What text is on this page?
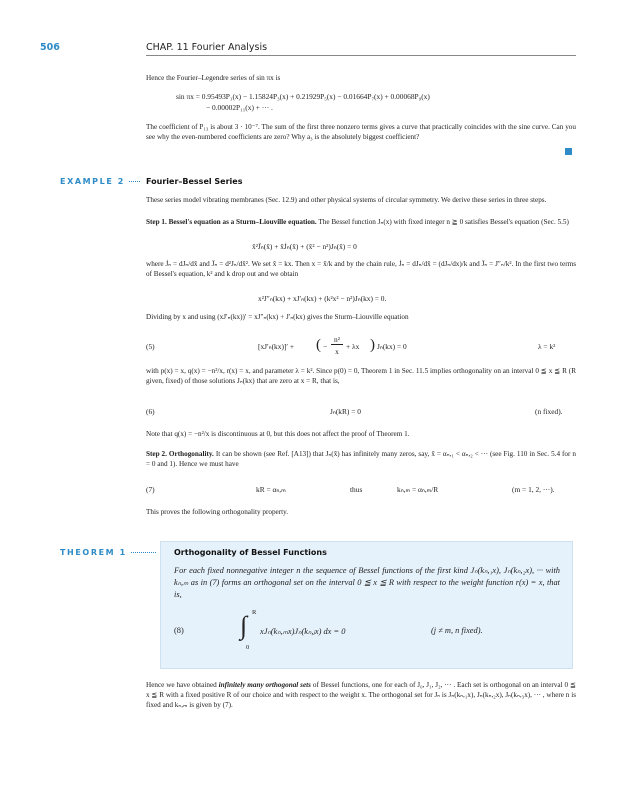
506	CHAP. 11 Fourier Analysis

Hence the Fourier–Legendre series of sin πx is

sin πx = 0.95493P₁(x) − 1.15824P₃(x) + 0.21929P₅(x) − 0.01664P₇(x) + 0.00068P₉(x)
− 0.00002P₁₁(x) + ··· .

The coefficient of P₁₃ is about 3 · 10⁻⁷. The sum of the first three nonzero terms gives a curve that practically coincides with the sine curve. Can you see why the even-numbered coefficients are zero? Why a₃ is the absolutely biggest coefficient?

EXAMPLE 2	Fourier–Bessel Series

These series model vibrating membranes (Sec. 12.9) and other physical systems of circular symmetry. We derive these series in three steps.

Step 1. Bessel's equation as a Sturm–Liouville equation. The Bessel function Jₙ(x) with fixed integer n ≧ 0 satisfies Bessel's equation (Sec. 5.5)

x̃²J̈ₙ(x̃) + x̃J̇ₙ(x̃) + (x̃² − n²)Jₙ(x̃) = 0

where J̇ₙ = dJₙ/dx̃ and J̈ₙ = d²Jₙ/dx̃². We set x̃ = kx. Then x = x̃/k and by the chain rule, J̇ₙ = dJₙ/dx̃ = (dJₙ/dx)/k and J̈ₙ = J″ₙ/k². In the first two terms of Bessel's equation, k² and k drop out and we obtain

x²J″ₙ(kx) + xJ′ₙ(kx) + (k²x² − n²)Jₙ(kx) = 0.

Dividing by x and using (xJ′ₙ(kx))′ = xJ″ₙ(kx) + J′ₙ(kx) gives the Sturm–Liouville equation

(5)	[xJ′ₙ(kx)]′ + ( −
n²
x
+ λx ) Jₙ(kx) = 0	λ = k²

with p(x) = x, q(x) = −n²/x, r(x) = x, and parameter λ = k². Since p(0) = 0, Theorem 1 in Sec. 11.5 implies orthogonality on an interval 0 ≦ x ≦ R (R given, fixed) of those solutions Jₙ(kx) that are zero at x = R, that is,

(6)	Jₙ(kR) = 0	(n fixed).

Note that q(x) = −n²/x is discontinuous at 0, but this does not affect the proof of Theorem 1.

Step 2. Orthogonality. It can be shown (see Ref. [A13]) that Jₙ(x̃) has infinitely many zeros, say, x̃ = αₙ,₁ < αₙ,₂ < ··· (see Fig. 110 in Sec. 5.4 for n = 0 and 1). Hence we must have

(7)	kR = αₙ,ₘ	thus	kₙ,ₘ = αₙ,ₘ/R	(m = 1, 2, ···).

This proves the following orthogonality property.

THEOREM 1	Orthogonality of Bessel Functions

For each fixed nonnegative integer n the sequence of Bessel functions of the first kind Jₙ(kₙ,₁x), Jₙ(kₙ,₂x), ··· with kₙ,ₘ as in (7) forms an orthogonal set on the interval 0 ≦ x ≦ R with respect to the weight function r(x) = x, that is,

(8) ∫ R
0
xJₙ(kₙ,ₘx)Jₙ(kₙ,ⱼx) dx = 0	(j ≠ m, n fixed).

Hence we have obtained infinitely many orthogonal sets of Bessel functions, one for each of J₀, J₁, J₂, ··· . Each set is orthogonal on an interval 0 ≦ x ≦ R with a fixed positive R of our choice and with respect to the weight x. The orthogonal set for Jₙ is Jₙ(kₙ,₁x), Jₙ(kₙ,₂x), Jₙ(kₙ,₃x), ··· , where n is fixed and kₙ,ₘ is given by (7).
